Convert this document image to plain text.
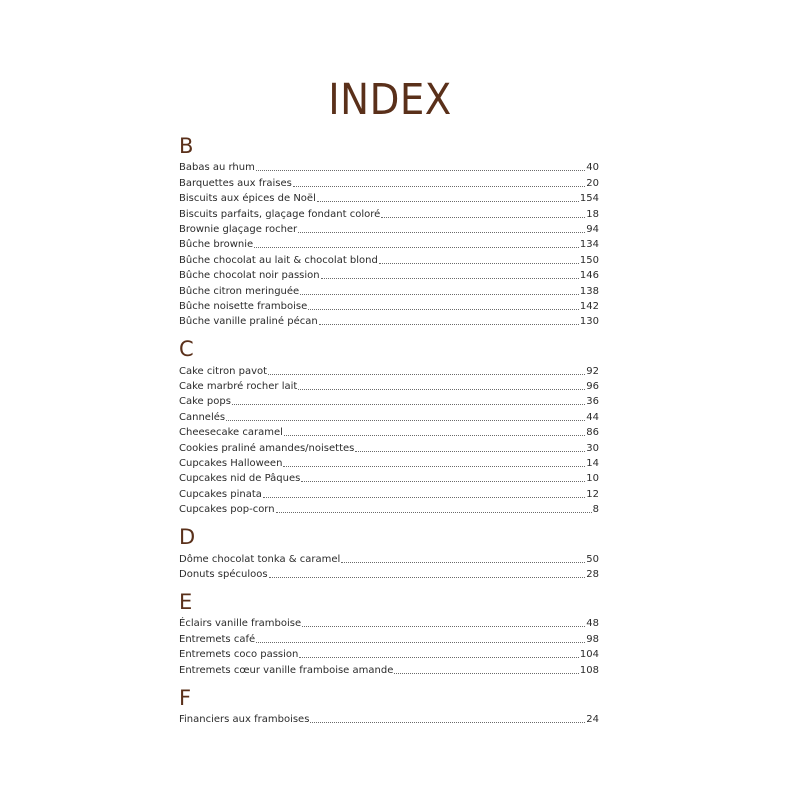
INDEX
B
Babas au rhum	40
Barquettes aux fraises	20
Biscuits aux épices de Noël	154
Biscuits parfaits, glaçage fondant coloré	18
Brownie glaçage rocher	94
Bûche brownie	134
Bûche chocolat au lait & chocolat blond	150
Bûche chocolat noir passion	146
Bûche citron meringuée	138
Bûche noisette framboise	142
Bûche vanille praliné pécan	130
C
Cake citron pavot	92
Cake marbré rocher lait	96
Cake pops	36
Cannelés	44
Cheesecake caramel	86
Cookies praliné amandes/noisettes	30
Cupcakes Halloween	14
Cupcakes nid de Pâques	10
Cupcakes pinata	12
Cupcakes pop-corn	8
D
Dôme chocolat tonka & caramel	50
Donuts spéculoos	28
E
Éclairs vanille framboise	48
Entremets café	98
Entremets coco passion	104
Entremets cœur vanille framboise amande	108
F
Financiers aux framboises	24
